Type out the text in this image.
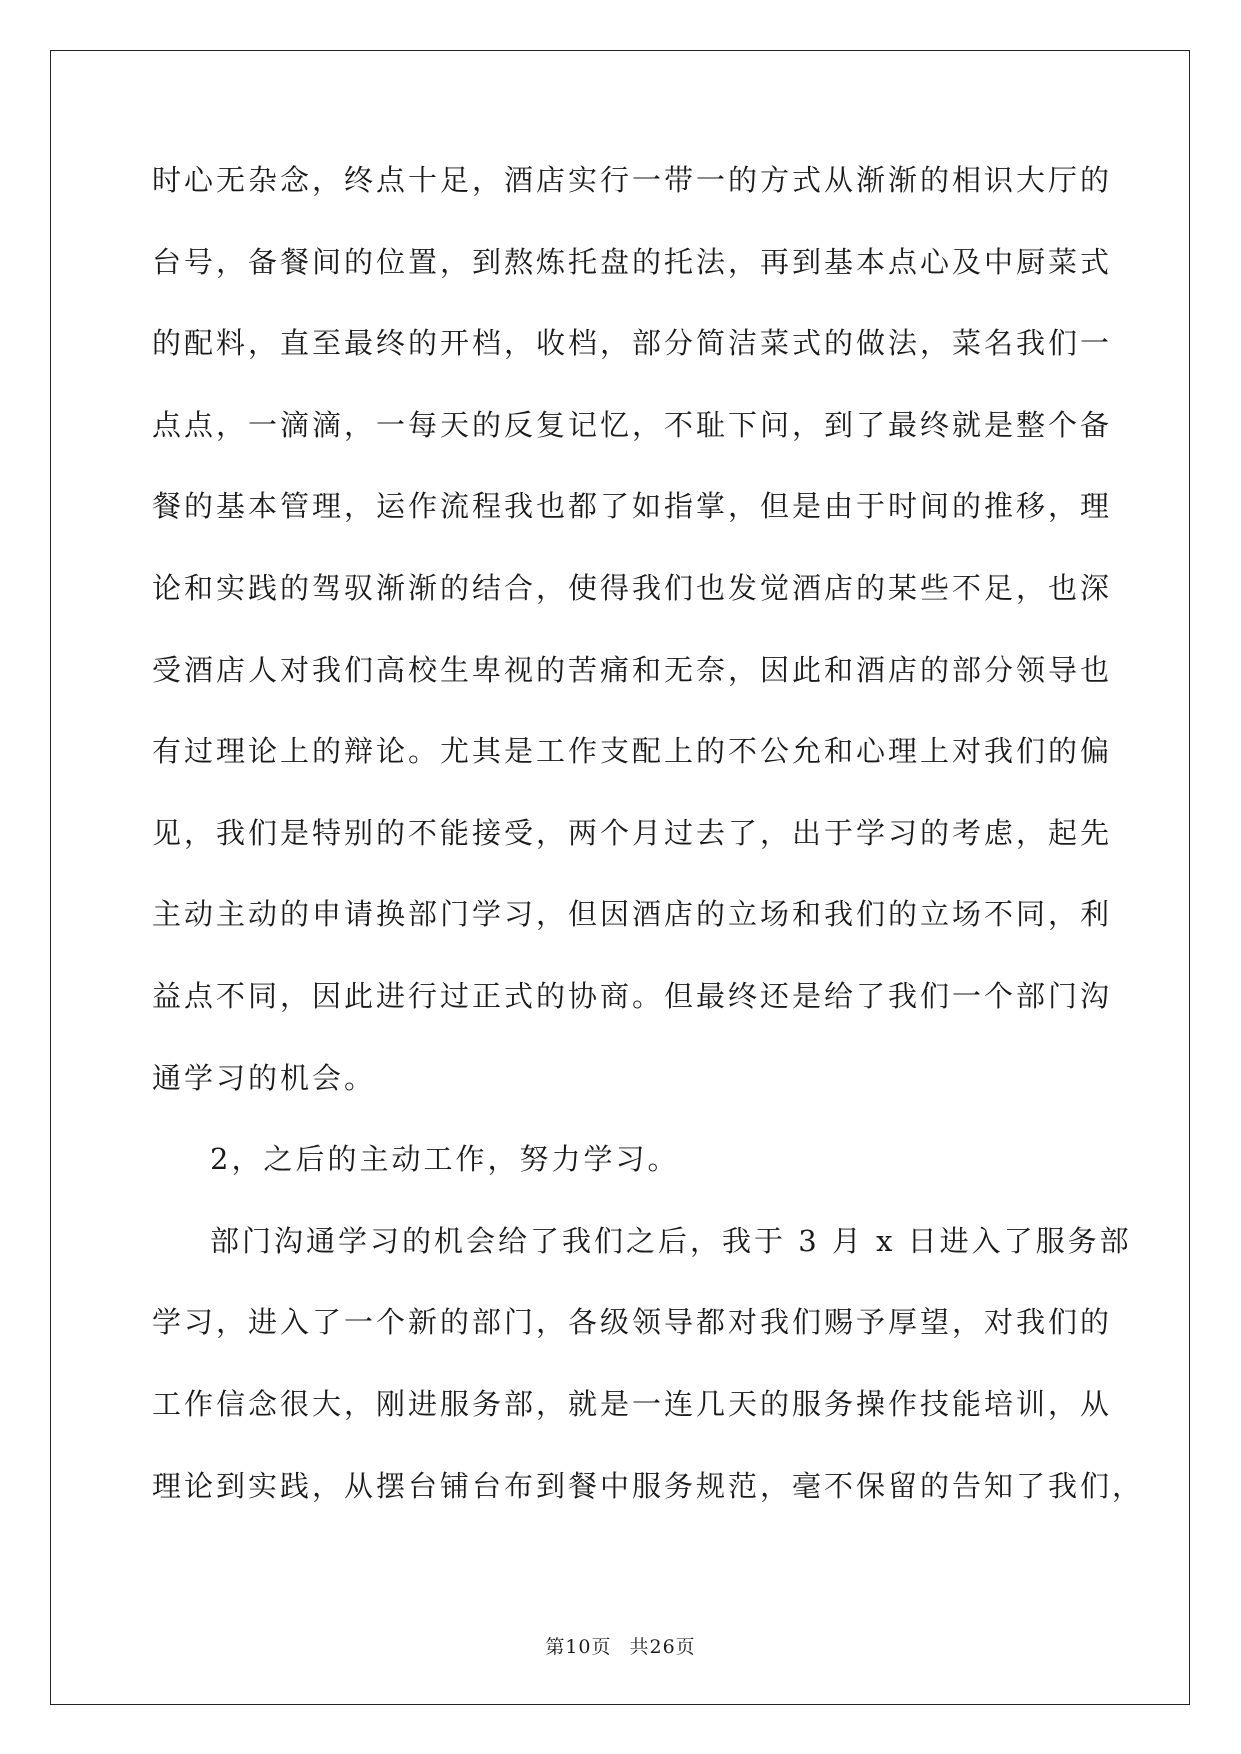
时心无杂念，终点十足，酒店实行一带一的方式从渐渐的相识大厅的
台号，备餐间的位置，到熬炼托盘的托法，再到基本点心及中厨菜式
的配料，直至最终的开档，收档，部分简洁菜式的做法，菜名我们一
点点，一滴滴，一每天的反复记忆，不耻下问，到了最终就是整个备
餐的基本管理，运作流程我也都了如指掌，但是由于时间的推移，理
论和实践的驾驭渐渐的结合，使得我们也发觉酒店的某些不足，也深
受酒店人对我们高校生卑视的苦痛和无奈，因此和酒店的部分领导也
有过理论上的辩论。尤其是工作支配上的不公允和心理上对我们的偏
见，我们是特别的不能接受，两个月过去了，出于学习的考虑，起先
主动主动的申请换部门学习，但因酒店的立场和我们的立场不同，利
益点不同，因此进行过正式的协商。但最终还是给了我们一个部门沟
通学习的机会。
2，之后的主动工作，努力学习。
部门沟通学习的机会给了我们之后，我于 3 月 x 日进入了服务部
学习，进入了一个新的部门，各级领导都对我们赐予厚望，对我们的
工作信念很大，刚进服务部，就是一连几天的服务操作技能培训，从
理论到实践，从摆台铺台布到餐中服务规范，毫不保留的告知了我们，
第10页 共26页
